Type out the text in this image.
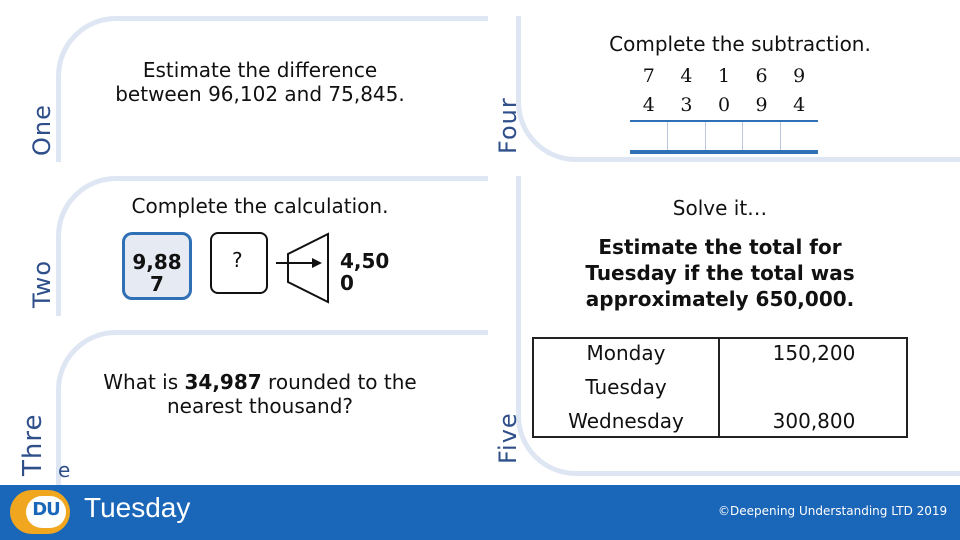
One
Estimate the difference
between 96,102 and 75,845.
Four
Complete the subtraction.
7	4	1	6	9
4	3	0	9	4
Two
Complete the calculation.
9,88
7
?	4,50
0
Five
Solve it…
Estimate the total for
Tuesday if the total was
approximately 650,000.
Monday	150,200
Tuesday
Wednesday	300,800
Thre e
What is 34,987 rounded to the
nearest thousand?
DU Tuesday	©Deepening Understanding LTD 2019
